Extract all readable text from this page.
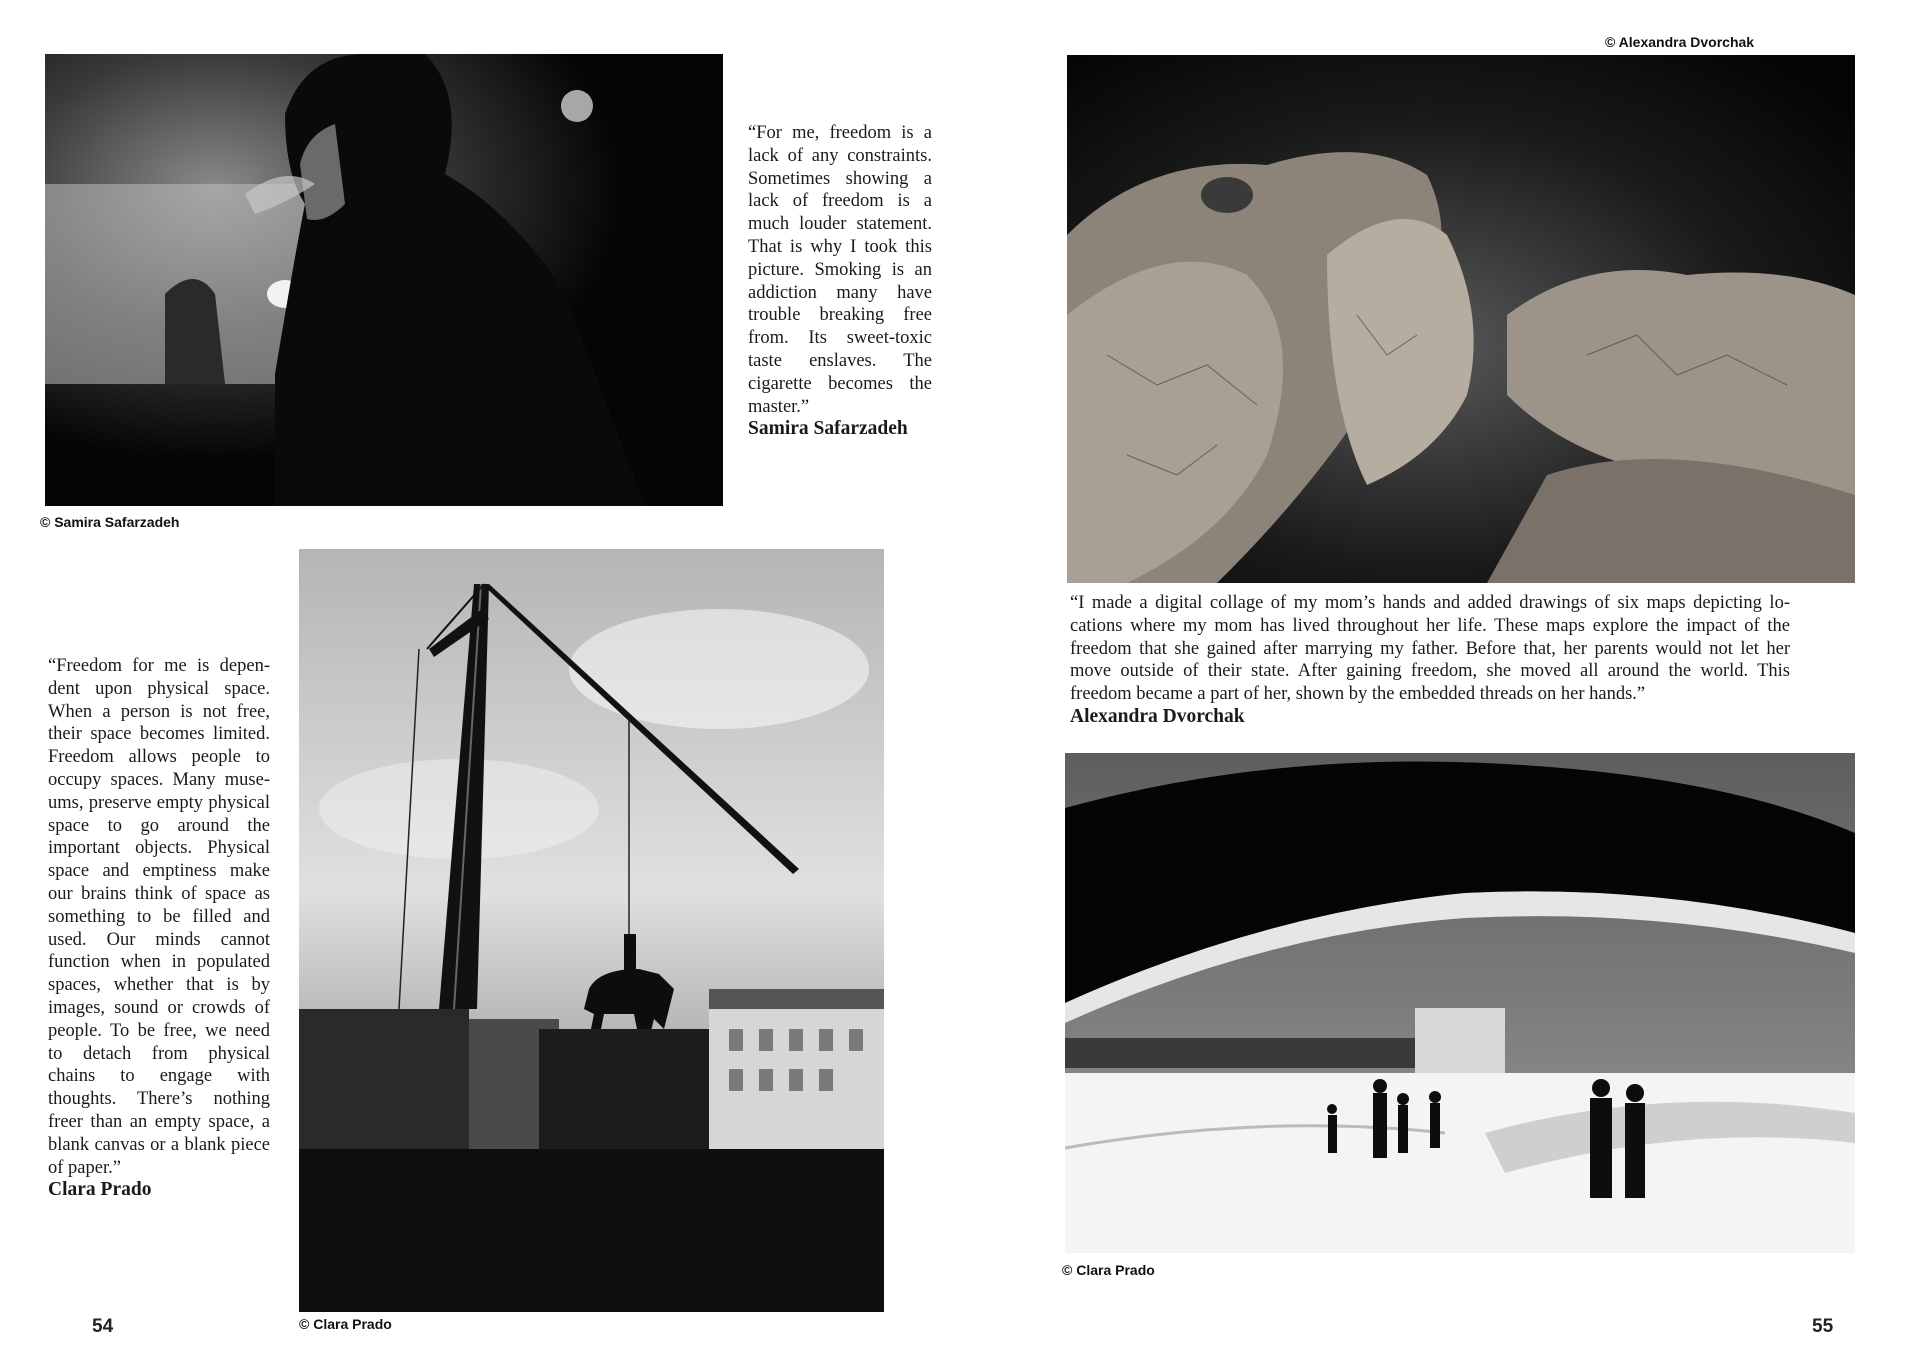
© Samira Safarzadeh
“For me, freedom is a lack of any constraints. Sometimes showing a lack of freedom is a much louder statement. That is why I took this picture. Smoking is an addiction many have trouble breaking free from. Its sweet-toxic taste enslaves. The cigarette becomes the master.”
Samira Safarzadeh
© Clara Prado
“Freedom for me is dependent upon physical space. When a person is not free, their space becomes limited. Freedom allows people to occupy spaces. Many museums, preserve empty physical space to go around the important objects. Physical space and emptiness make our brains think of space as something to be filled and used. Our minds cannot function when in populated spaces, whether that is by images, sound or crowds of people. To be free, we need to detach from physical chains to engage with thoughts. There’s nothing freer than an empty space, a blank canvas or a blank piece of paper.”
Clara Prado
54
© Alexandra Dvorchak
“I made a digital collage of my mom’s hands and added drawings of six maps depicting locations where my mom has lived throughout her life. These maps explore the impact of the freedom that she gained after marrying my father. Before that, her parents would not let her move outside of their state. After gaining freedom, she moved all around the world. This freedom became a part of her, shown by the embedded threads on her hands.”
Alexandra Dvorchak
© Clara Prado
55
